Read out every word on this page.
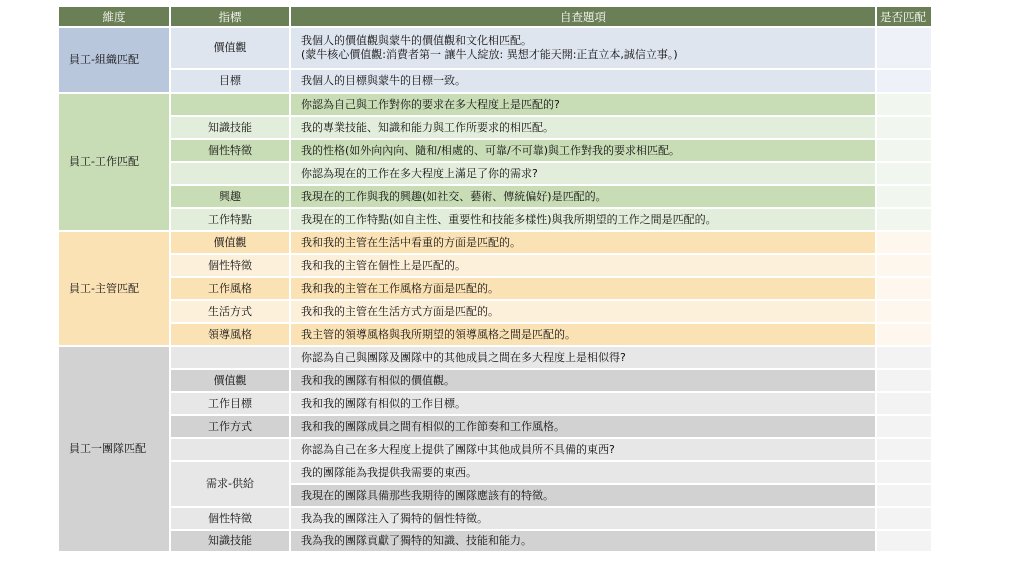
維度	指標	自查題項	是否匹配
員工-組織匹配	價值觀	我個人的價值觀與蒙牛的價值觀和文化相匹配。
(蒙牛核心價值觀:消費者第一 讓牛人綻放: 異想才能天開:正直立本,誠信立事。)	

	目標	我個人的目標與蒙牛的目標一致。	
員工-工作匹配		你認為自己與工作對你的要求在多大程度上是匹配的?	
	知識技能	我的專業技能、知識和能力與工作所要求的相匹配。	
	個性特徵	我的性格(如外向內向、隨和/相處的、可靠/不可靠)與工作對我的要求相匹配。	
		你認為現在的工作在多大程度上滿足了你的需求?	
	興趣	我現在的工作與我的興趣(如社交、藝術、傳統偏好)是匹配的。	
	工作特點	我現在的工作特點(如自主性、重要性和技能多樣性)與我所期望的工作之間是匹配的。	
員工-主管匹配	價值觀	我和我的主管在生活中看重的方面是匹配的。	
	個性特徵	我和我的主管在個性上是匹配的。	
	工作風格	我和我的主管在工作風格方面是匹配的。	
	生活方式	我和我的主管在生活方式方面是匹配的。	
	領導風格	我主管的領導風格與我所期望的領導風格之間是匹配的。	
員工一團隊匹配		你認為自己與團隊及團隊中的其他成員之間在多大程度上是相似得?	
	價值觀	我和我的團隊有相似的價值觀。	
	工作目標	我和我的團隊有相似的工作目標。	
	工作方式	我和我的團隊成員之間有相似的工作節奏和工作風格。	
		你認為自己在多大程度上提供了團隊中其他成員所不具備的東西?	
	需求-供給	我的團隊能為我提供我需要的東西。	
		我現在的團隊具備那些我期待的團隊應該有的特徵。	
	個性特徵	我為我的團隊注入了獨特的個性特徵。	
	知識技能	我為我的團隊貢獻了獨特的知識、技能和能力。	
